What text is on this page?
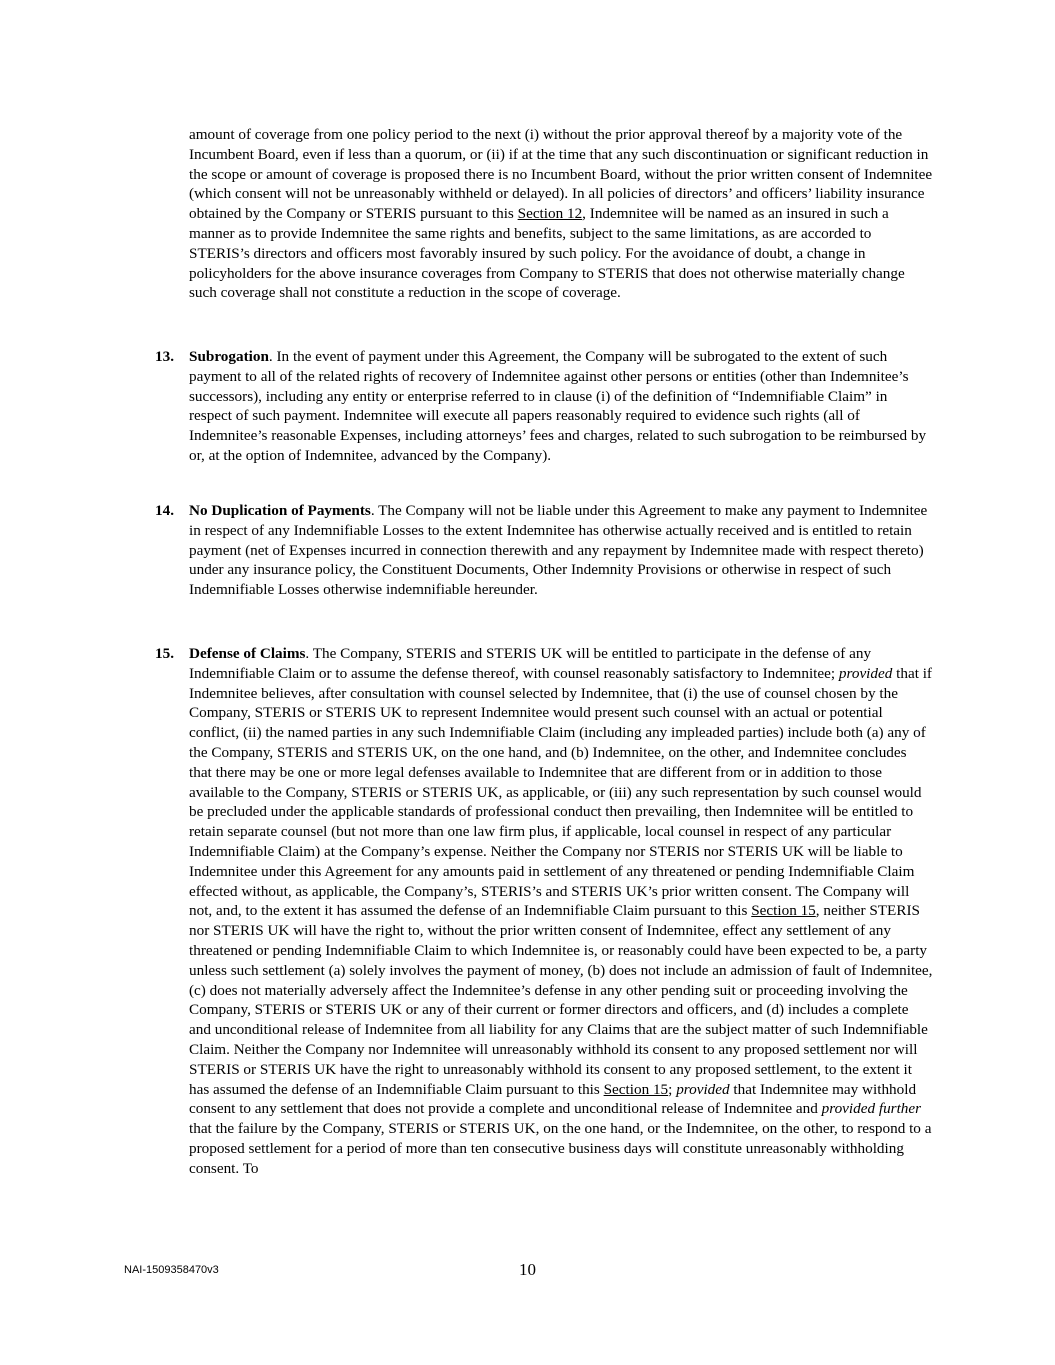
amount of coverage from one policy period to the next (i) without the prior approval thereof by a majority vote of the Incumbent Board, even if less than a quorum, or (ii) if at the time that any such discontinuation or significant reduction in the scope or amount of coverage is proposed there is no Incumbent Board, without the prior written consent of Indemnitee (which consent will not be unreasonably withheld or delayed). In all policies of directors’ and officers’ liability insurance obtained by the Company or STERIS pursuant to this Section 12, Indemnitee will be named as an insured in such a manner as to provide Indemnitee the same rights and benefits, subject to the same limitations, as are accorded to STERIS’s directors and officers most favorably insured by such policy. For the avoidance of doubt, a change in policyholders for the above insurance coverages from Company to STERIS that does not otherwise materially change such coverage shall not constitute a reduction in the scope of coverage.
13. Subrogation. In the event of payment under this Agreement, the Company will be subrogated to the extent of such payment to all of the related rights of recovery of Indemnitee against other persons or entities (other than Indemnitee’s successors), including any entity or enterprise referred to in clause (i) of the definition of “Indemnifiable Claim” in respect of such payment. Indemnitee will execute all papers reasonably required to evidence such rights (all of Indemnitee’s reasonable Expenses, including attorneys’ fees and charges, related to such subrogation to be reimbursed by or, at the option of Indemnitee, advanced by the Company).
14. No Duplication of Payments. The Company will not be liable under this Agreement to make any payment to Indemnitee in respect of any Indemnifiable Losses to the extent Indemnitee has otherwise actually received and is entitled to retain payment (net of Expenses incurred in connection therewith and any repayment by Indemnitee made with respect thereto) under any insurance policy, the Constituent Documents, Other Indemnity Provisions or otherwise in respect of such Indemnifiable Losses otherwise indemnifiable hereunder.
15. Defense of Claims. The Company, STERIS and STERIS UK will be entitled to participate in the defense of any Indemnifiable Claim or to assume the defense thereof, with counsel reasonably satisfactory to Indemnitee; provided that if Indemnitee believes, after consultation with counsel selected by Indemnitee, that (i) the use of counsel chosen by the Company, STERIS or STERIS UK to represent Indemnitee would present such counsel with an actual or potential conflict, (ii) the named parties in any such Indemnifiable Claim (including any impleaded parties) include both (a) any of the Company, STERIS and STERIS UK, on the one hand, and (b) Indemnitee, on the other, and Indemnitee concludes that there may be one or more legal defenses available to Indemnitee that are different from or in addition to those available to the Company, STERIS or STERIS UK, as applicable, or (iii) any such representation by such counsel would be precluded under the applicable standards of professional conduct then prevailing, then Indemnitee will be entitled to retain separate counsel (but not more than one law firm plus, if applicable, local counsel in respect of any particular Indemnifiable Claim) at the Company’s expense. Neither the Company nor STERIS nor STERIS UK will be liable to Indemnitee under this Agreement for any amounts paid in settlement of any threatened or pending Indemnifiable Claim effected without, as applicable, the Company’s, STERIS’s and STERIS UK’s prior written consent. The Company will not, and, to the extent it has assumed the defense of an Indemnifiable Claim pursuant to this Section 15, neither STERIS nor STERIS UK will have the right to, without the prior written consent of Indemnitee, effect any settlement of any threatened or pending Indemnifiable Claim to which Indemnitee is, or reasonably could have been expected to be, a party unless such settlement (a) solely involves the payment of money, (b) does not include an admission of fault of Indemnitee, (c) does not materially adversely affect the Indemnitee’s defense in any other pending suit or proceeding involving the Company, STERIS or STERIS UK or any of their current or former directors and officers, and (d) includes a complete and unconditional release of Indemnitee from all liability for any Claims that are the subject matter of such Indemnifiable Claim. Neither the Company nor Indemnitee will unreasonably withhold its consent to any proposed settlement nor will STERIS or STERIS UK have the right to unreasonably withhold its consent to any proposed settlement, to the extent it has assumed the defense of an Indemnifiable Claim pursuant to this Section 15; provided that Indemnitee may withhold consent to any settlement that does not provide a complete and unconditional release of Indemnitee and provided further that the failure by the Company, STERIS or STERIS UK, on the one hand, or the Indemnitee, on the other, to respond to a proposed settlement for a period of more than ten consecutive business days will constitute unreasonably withholding consent. To
NAI-1509358470v3	10
